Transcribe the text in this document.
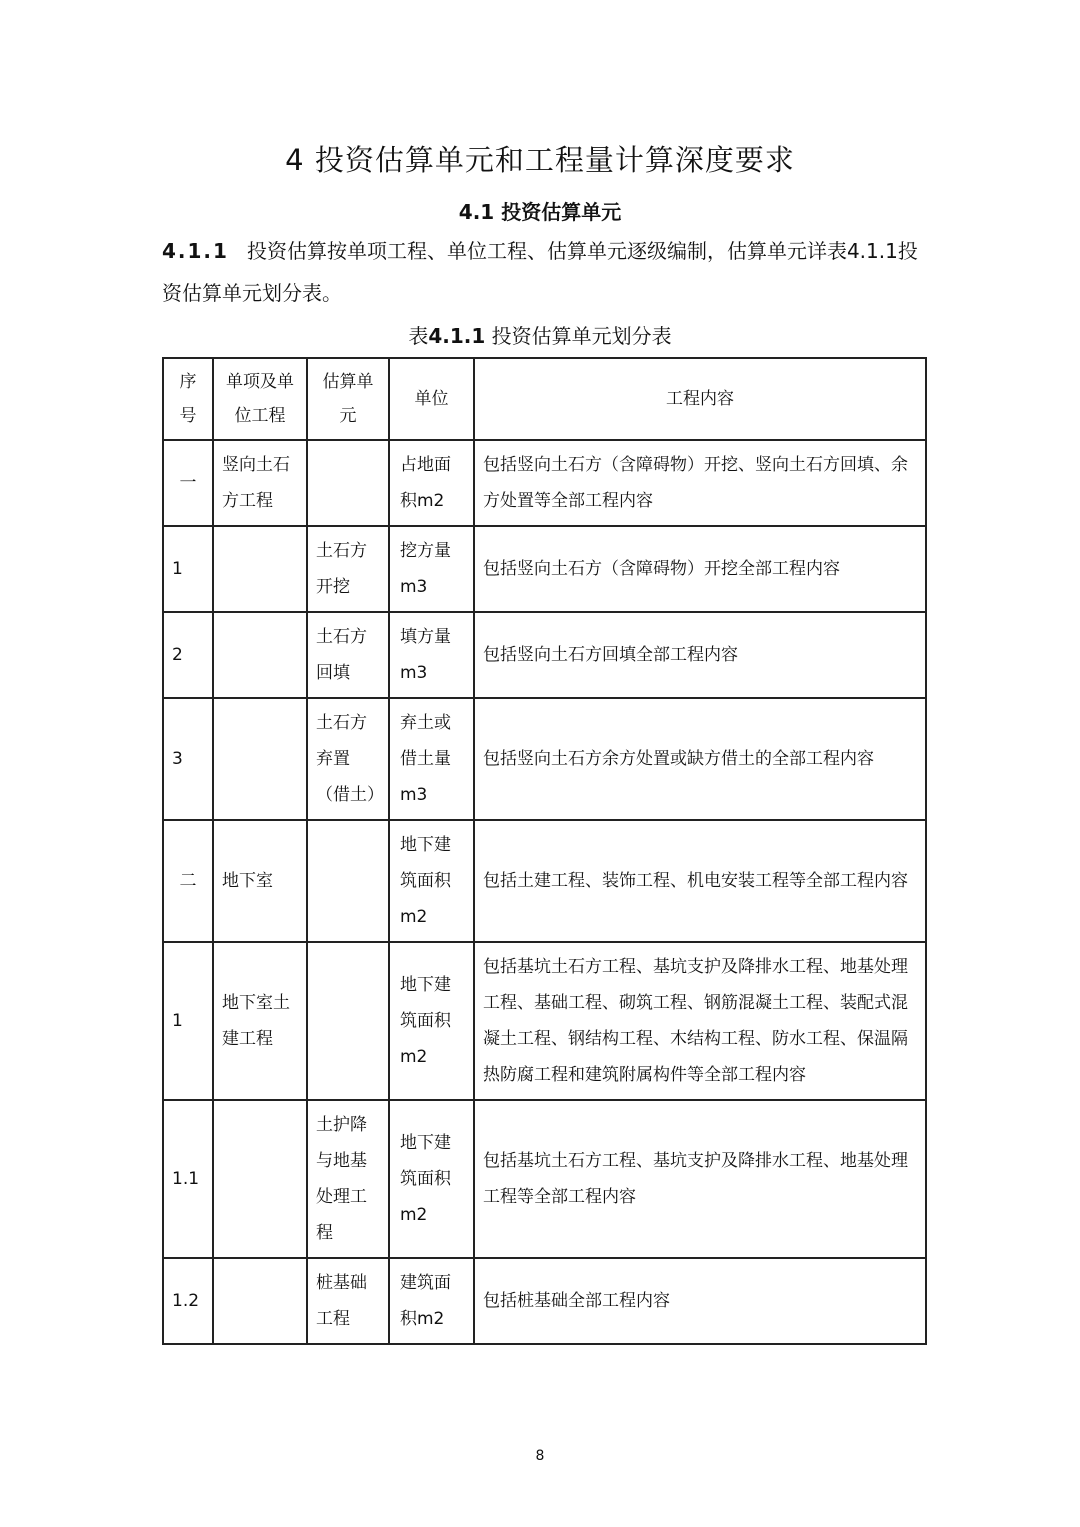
4 投资估算单元和工程量计算深度要求
4.1 投资估算单元
4.1.1 投资估算按单项工程、单位工程、估算单元逐级编制，估算单元详表4.1.1投资估算单元划分表。
表4.1.1 投资估算单元划分表
序号	单项及单位工程	估算单元	单位	工程内容
一	竖向土石方工程		占地面积m2	包括竖向土石方（含障碍物）开挖、竖向土石方回填、余方处置等全部工程内容
1		土石方开挖	挖方量m3	包括竖向土石方（含障碍物）开挖全部工程内容
2		土石方回填	填方量m3	包括竖向土石方回填全部工程内容
3		土石方弃置（借土）	弃土或借土量m3	包括竖向土石方余方处置或缺方借土的全部工程内容
二	地下室		地下建筑面积m2	包括土建工程、装饰工程、机电安装工程等全部工程内容
1	地下室土建工程		地下建筑面积m2	包括基坑土石方工程、基坑支护及降排水工程、地基处理工程、基础工程、砌筑工程、钢筋混凝土工程、装配式混凝土工程、钢结构工程、木结构工程、防水工程、保温隔热防腐工程和建筑附属构件等全部工程内容
1.1		土护降与地基处理工程	地下建筑面积m2	包括基坑土石方工程、基坑支护及降排水工程、地基处理工程等全部工程内容
1.2		桩基础工程	建筑面积m2	包括桩基础全部工程内容
8
